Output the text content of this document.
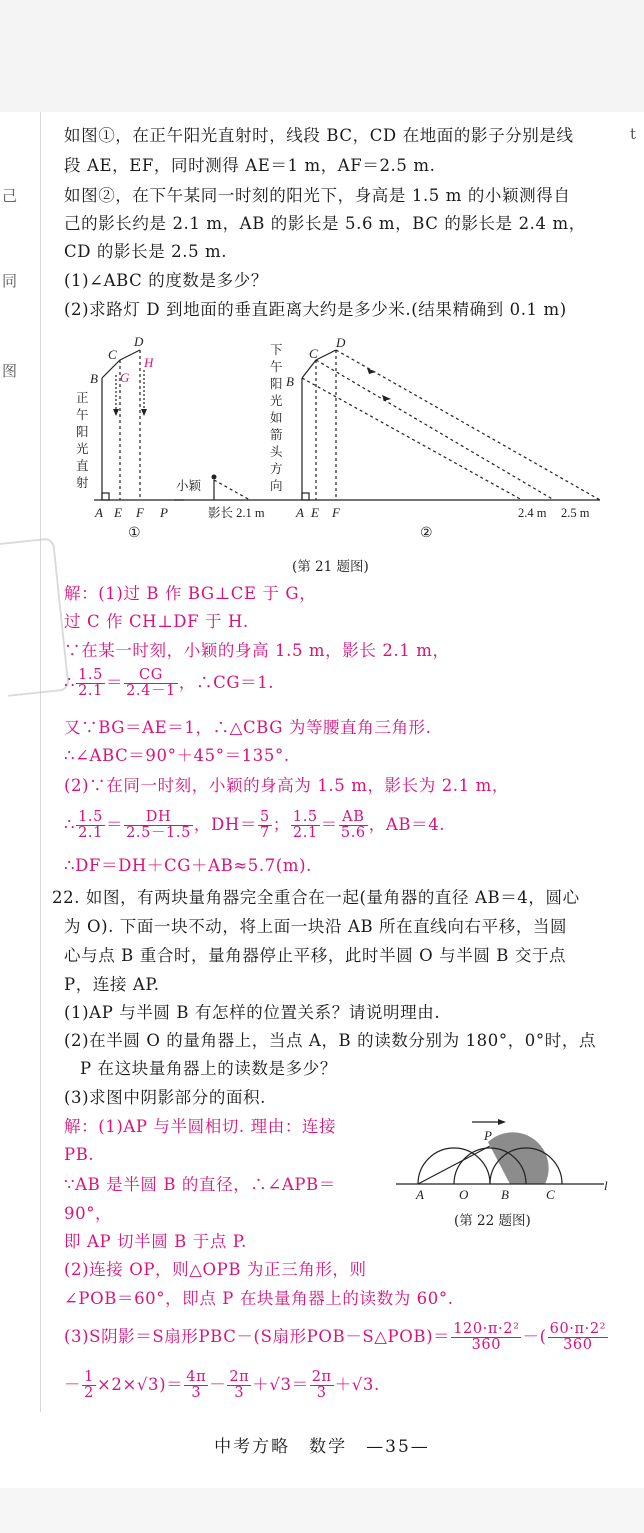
己
同
图
t
如图①，在正午阳光直射时，线段 BC，CD 在地面的影子分别是线
段 AE，EF，同时测得 AE＝1 m，AF＝2.5 m.
如图②，在下午某同一时刻的阳光下，身高是 1.5 m 的小颖测得自
己的影长约是 2.1 m，AB 的影长是 5.6 m，BC 的影长是 2.4 m，
CD 的影长是 2.5 m.
(1)∠ABC 的度数是多少？
(2)求路灯 D 到地面的垂直距离大约是多少米.(结果精确到 0.1 m)
B
C
D
B
C
D
G
H
A E F P	A E F
正午阳光直射
下午阳光如箭头方向
小颖
影长 2.1 m	2.4 m 2.5 m
①	②
(第 21 题图)
解：(1)过 B 作 BG⊥CE 于 G，
过 C 作 CH⊥DF 于 H.
∵在某一时刻，小颖的身高 1.5 m，影长 2.1 m，
∴ $\frac{1.5}{2.1} = \frac{CG}{2.4-1}$ ，∴CG＝1.
又∵BG＝AE＝1，∴△CBG 为等腰直角三角形.
∴∠ABC＝90°＋45°＝135°.
(2)∵在同一时刻，小颖的身高为 1.5 m，影长为 2.1 m，
∴ $\frac{1.5}{2.1} = \frac{DH}{2.5-1.5}$ ，$DH= \frac{5}{7}$ ； $\frac{1.5}{2.1} = \frac{AB}{5.6}$ ，AB＝4.
∴DF＝DH＋CG＋AB≈5.7(m).
22. 如图，有两块量角器完全重合在一起(量角器的直径 AB＝4，圆心
为 O). 下面一块不动，将上面一块沿 AB 所在直线向右平移，当圆
心与点 B 重合时，量角器停止平移，此时半圆 O 与半圆 B 交于点
P，连接 AP.
(1)AP 与半圆 B 有怎样的位置关系？请说明理由.
(2)在半圆 O 的量角器上，当点 A，B 的读数分别为 180°，0°时，点
P 在这块量角器上的读数是多少？
(3)求图中阴影部分的面积.
解：(1)AP 与半圆相切. 理由：连接
PB.
∵AB 是半圆 B 的直径，∴∠APB＝
90°，
即 AP 切半圆 B 于点 P.
(2)连接 OP，则△OPB 为正三角形，则
∠POB＝60°，即点 P 在块量角器上的读数为 60°.
(3)S阴影＝S扇形PBC－(S扇形POB－S△POB)＝ $\frac{\text{120·π·2²}}{360}$ －( $\frac{\text{60·π·2²}}{360}$
－ $\frac{1}{2} \times 2\times√3)= \frac{4\pi}{3} - \frac{2\pi}{3} +√3= \frac{2\pi}{3} +√3$.
A	O	B	C
P
l
(第 22 题图)
中考方略　数学　—35—
